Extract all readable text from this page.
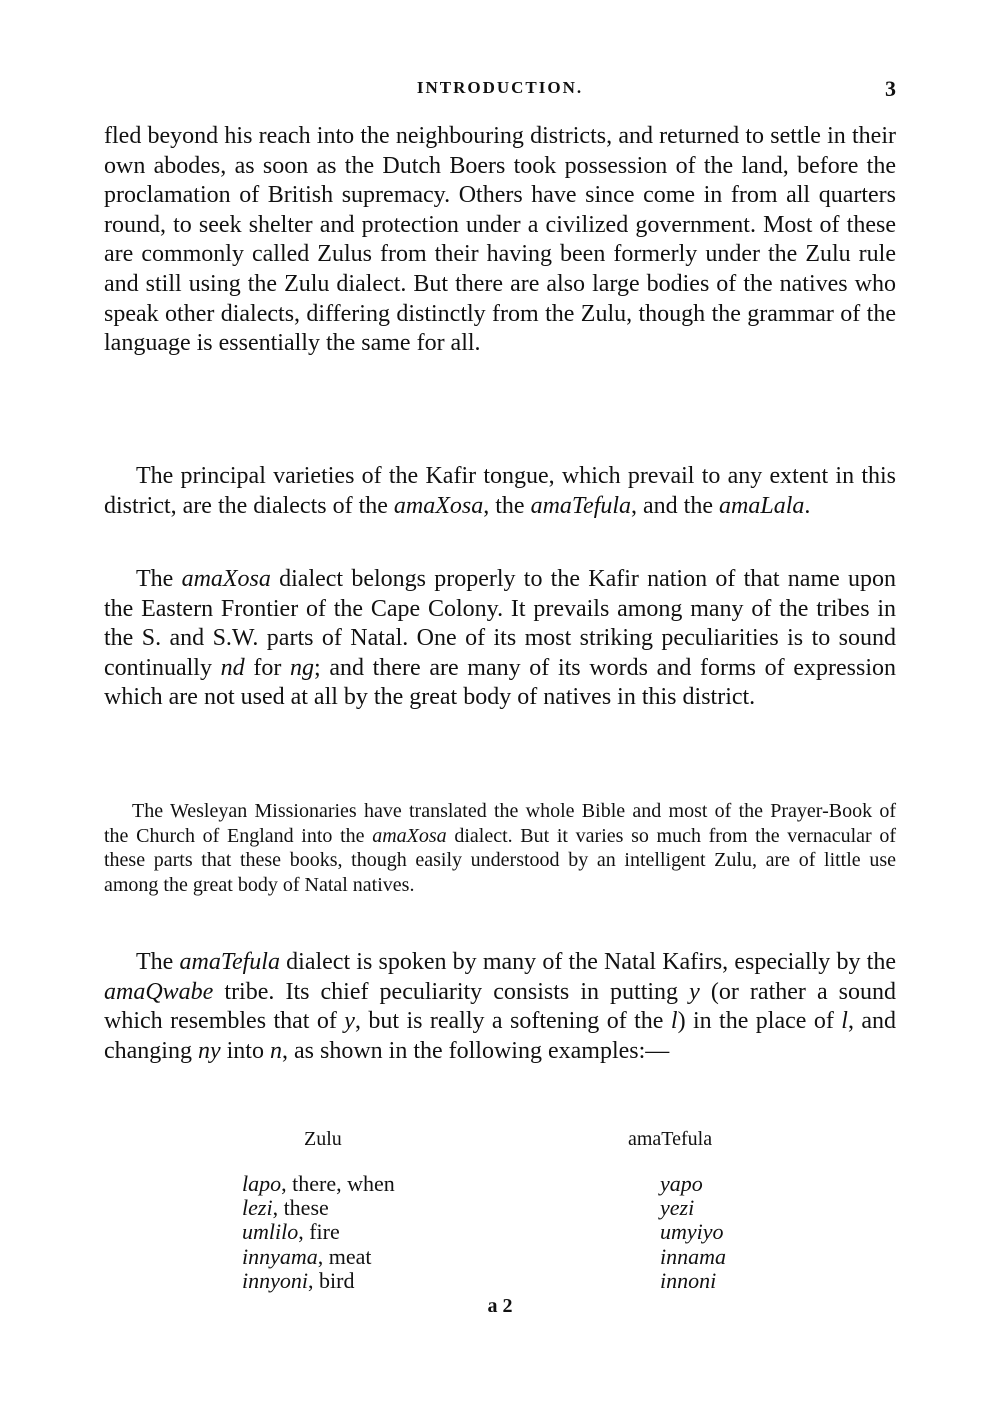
INTRODUCTION.	3

fled beyond his reach into the neighbouring districts, and returned to settle in their own abodes, as soon as the Dutch Boers took possession of the land, before the proclamation of British supremacy. Others have since come in from all quarters round, to seek shelter and protection under a civilized government. Most of these are commonly called Zulus from their having been formerly under the Zulu rule and still using the Zulu dialect. But there are also large bodies of the natives who speak other dialects, differing distinctly from the Zulu, though the grammar of the language is essentially the same for all.

The principal varieties of the Kafir tongue, which prevail to any extent in this district, are the dialects of the amaXosa, the amaTefula, and the amaLala.

The amaXosa dialect belongs properly to the Kafir nation of that name upon the Eastern Frontier of the Cape Colony. It prevails among many of the tribes in the S. and S.W. parts of Natal. One of its most striking peculiarities is to sound continually nd for ng; and there are many of its words and forms of expression which are not used at all by the great body of natives in this district.

The Wesleyan Missionaries have translated the whole Bible and most of the Prayer-Book of the Church of England into the amaXosa dialect. But it varies so much from the vernacular of these parts that these books, though easily understood by an intelligent Zulu, are of little use among the great body of Natal natives.

The amaTefula dialect is spoken by many of the Natal Kafirs, especially by the amaQwabe tribe. Its chief peculiarity consists in putting y (or rather a sound which resembles that of y, but is really a softening of the l) in the place of l, and changing ny into n, as shown in the following examples:—

Zulu	amaTefula
lapo, there, when
lezi, these
umlilo, fire
innyama, meat
innyoni, bird
yapo
yezi
umyiyo
innama
innoni
a 2
